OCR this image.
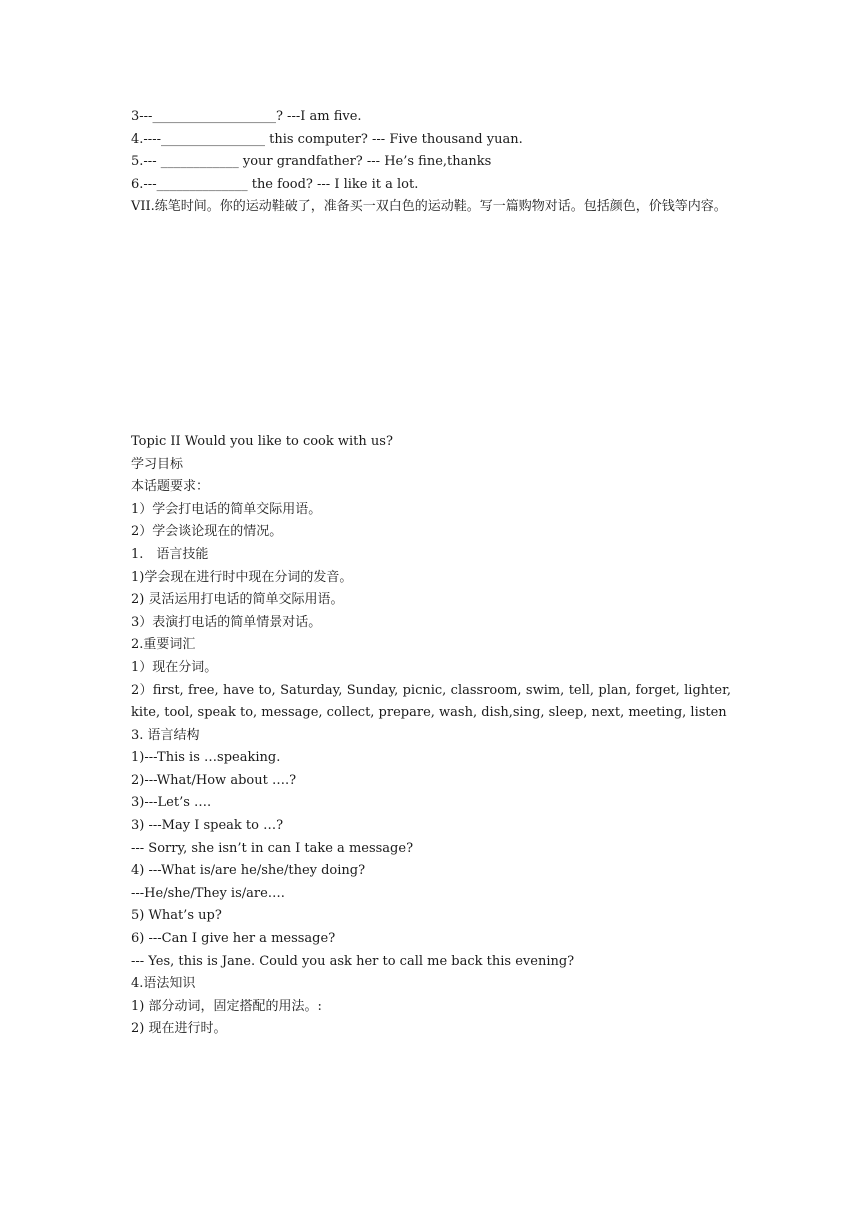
3---___________________? ---I am five.
4.----________________ this computer? --- Five thousand yuan.
5.--- ____________ your grandfather? --- He’s fine,thanks
6.---______________ the food? --- I like it a lot.
VII.练笔时间。你的运动鞋破了，准备买一双白色的运动鞋。写一篇购物对话。包括颜色，价钱等内容。
Topic II Would you like to cook with us?
学习目标
本话题要求：
1）学会打电话的简单交际用语。
2）学会谈论现在的情况。
1.　语言技能
1)学会现在进行时中现在分词的发音。
2) 灵活运用打电话的简单交际用语。
3）表演打电话的简单情景对话。
2.重要词汇
1）现在分词。
2）first, free, have to, Saturday, Sunday, picnic, classroom, swim, tell, plan, forget, lighter, kite, tool, speak to, message, collect, prepare, wash, dish,sing, sleep, next, meeting, listen
3. 语言结构
1)---This is …speaking.
2)---What/How about ….?
3)---Let’s ….
3) ---May I speak to …?
--- Sorry, she isn’t in can I take a message?
4) ---What is/are he/she/they doing?
---He/she/They is/are….
5) What’s up?
6) ---Can I give her a message?
--- Yes, this is Jane. Could you ask her to call me back this evening?
4.语法知识
1) 部分动词，固定搭配的用法。:
2) 现在进行时。
